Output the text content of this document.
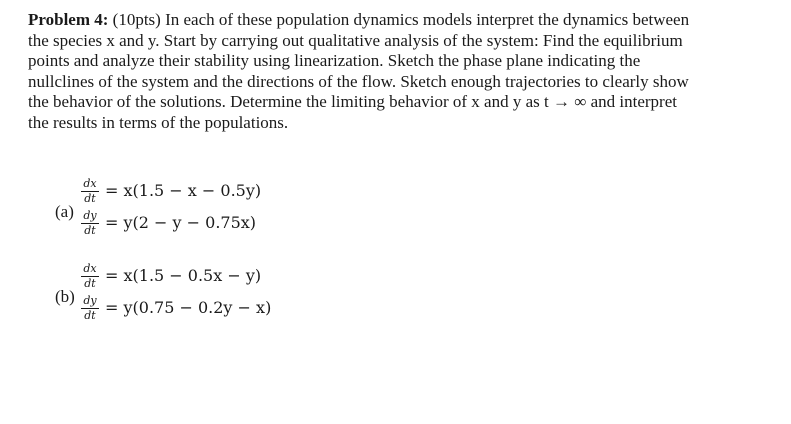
Problem 4: (10pts) In each of these population dynamics models interpret the dynamics between
the species x and y. Start by carrying out qualitative analysis of the system: Find the equilibrium
points and analyze their stability using linearization. Sketch the phase plane indicating the
nullclines of the system and the directions of the flow. Sketch enough trajectories to clearly show
the behavior of the solutions. Determine the limiting behavior of x and y as t → ∞ and interpret
the results in terms of the populations.
(a)
dx
dt = x(1.5 − x − 0.5y)
dy
dt = y(2 − y − 0.75x)
(b)
dx
dt = x(1.5 − 0.5x − y)
dy
dt = y(0.75 − 0.2y − x)
